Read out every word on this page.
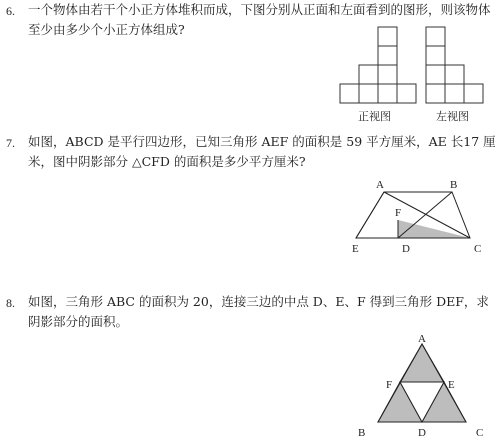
6. 一个物体由若干个小正方体堆积而成，下图分别从正面和左面看到的图形，则该物体至少由多少个小正方体组成?
正视图	左视图
7. 如图，ABCD 是平行四边形，已知三角形 AEF 的面积是 59 平方厘米，AE 长17 厘米，图中阴影部分 △CFD 的面积是多少平方厘米?
A	B
F
E	D	C
8. 如图，三角形 ABC 的面积为 20，连接三边的中点 D、E、F 得到三角形 DEF，求阴影部分的面积。
A
F	E
B	D	C
